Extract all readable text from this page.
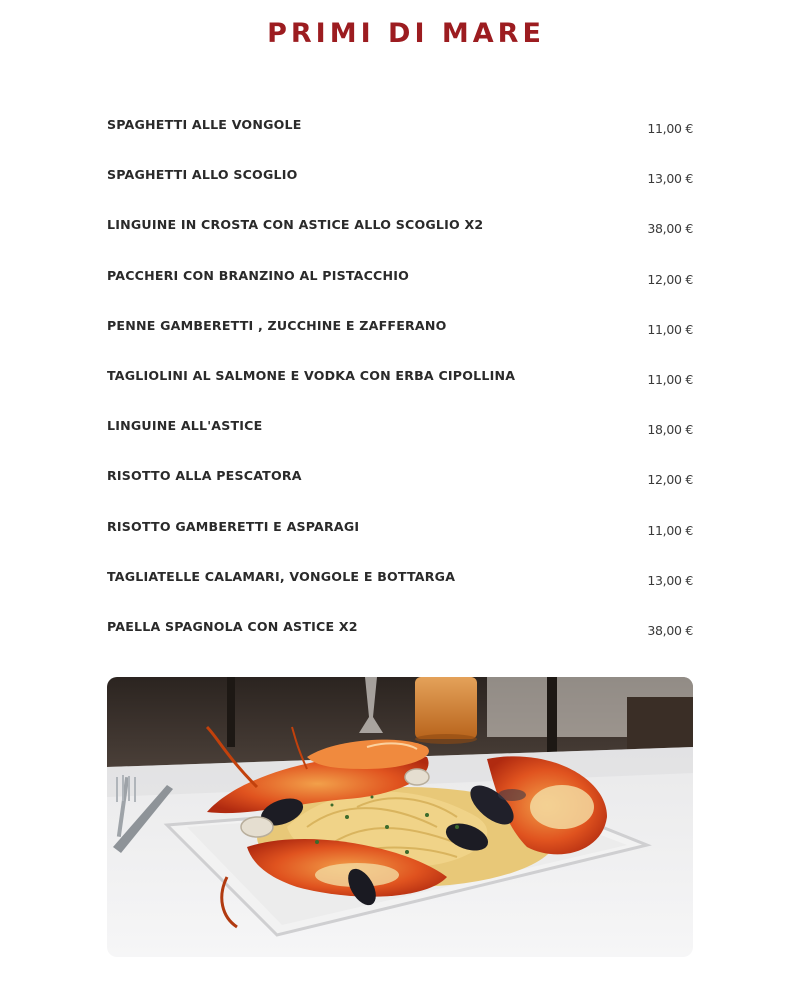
PRIMI DI MARE
SPAGHETTI ALLE VONGOLE	11,00 €
SPAGHETTI ALLO SCOGLIO	13,00 €
LINGUINE IN CROSTA CON ASTICE ALLO SCOGLIO X2	38,00 €
PACCHERI CON BRANZINO AL PISTACCHIO	12,00 €
PENNE GAMBERETTI , ZUCCHINE E ZAFFERANO	11,00 €
TAGLIOLINI AL SALMONE E VODKA CON ERBA CIPOLLINA	11,00 €
LINGUINE ALL'ASTICE	18,00 €
RISOTTO ALLA PESCATORA	12,00 €
RISOTTO GAMBERETTI E ASPARAGI	11,00 €
TAGLIATELLE CALAMARI, VONGOLE E BOTTARGA	13,00 €
PAELLA SPAGNOLA CON ASTICE X2	38,00 €
